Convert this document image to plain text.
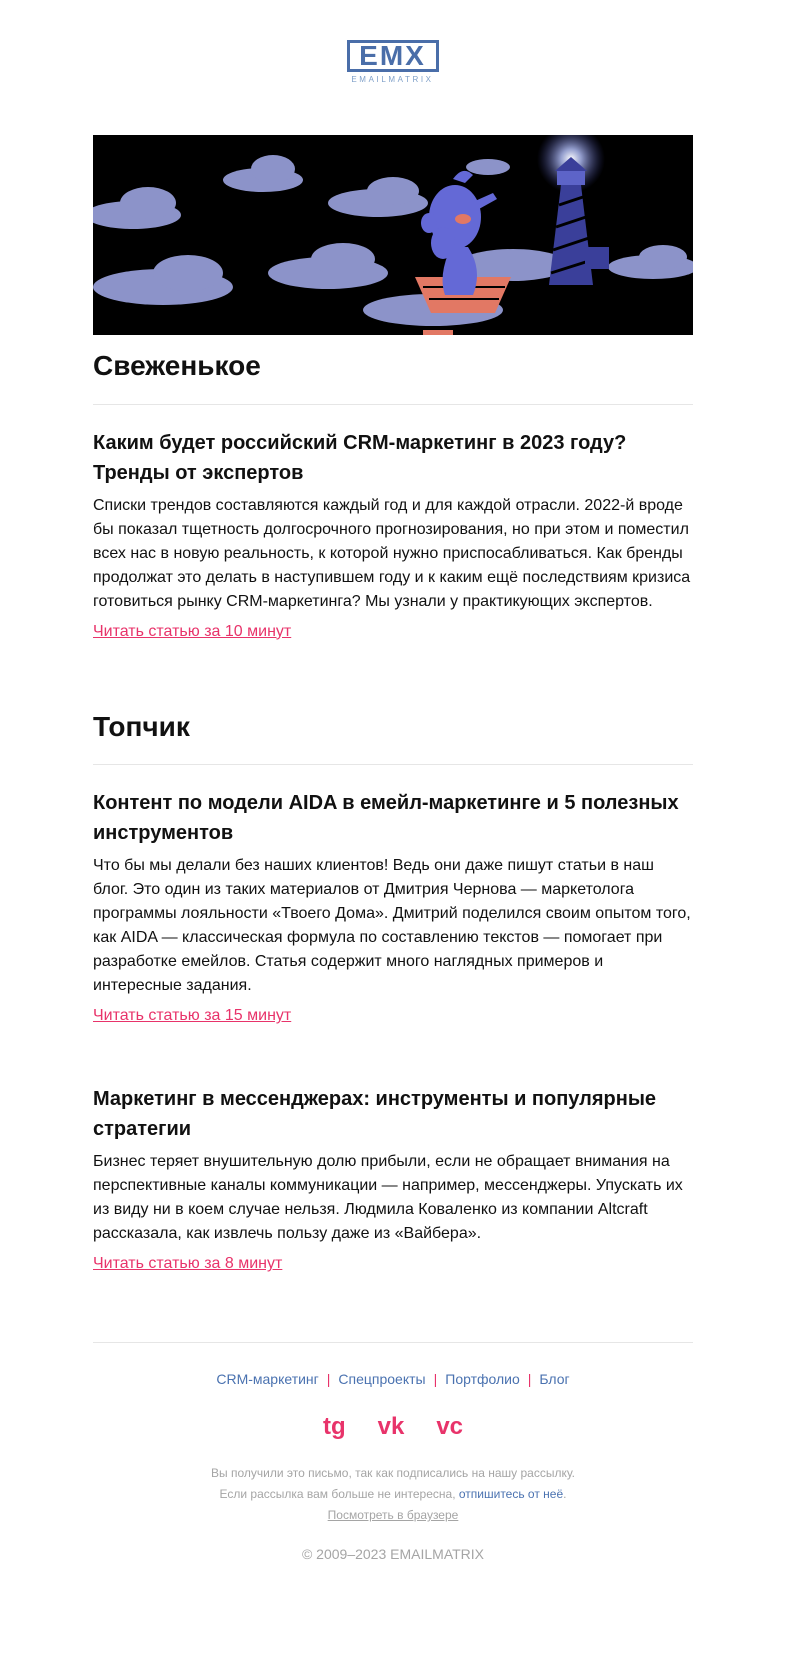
EMX
EMAILMATRIX
Свеженькое
Каким будет российский CRM-маркетинг в 2023 году? Тренды от экспертов

Списки трендов составляются каждый год и для каждой отрасли. 2022-й вроде бы показал тщетность долгосрочного прогнозирования, но при этом и поместил всех нас в новую реальность, к которой нужно приспосабливаться. Как бренды продолжат это делать в наступившем году и к каким ещё последствиям кризиса готовиться рынку CRM-маркетинга? Мы узнали у практикующих экспертов.

Читать статью за 10 минут
Топчик
Контент по модели AIDA в емейл-маркетинге и 5 полезных инструментов

Что бы мы делали без наших клиентов! Ведь они даже пишут статьи в наш блог. Это один из таких материалов от Дмитрия Чернова — маркетолога программы лояльности «Твоего Дома». Дмитрий поделился своим опытом того, как AIDA — классическая формула по составлению текстов — помогает при разработке емейлов. Статья содержит много наглядных примеров и интересные задания.

Читать статью за 15 минут
Маркетинг в мессенджерах: инструменты и популярные стратегии

Бизнес теряет внушительную долю прибыли, если не обращает внимания на перспективные каналы коммуникации — например, мессенджеры. Упускать их из виду ни в коем случае нельзя. Людмила Коваленко из компании Altcraft рассказала, как извлечь пользу даже из «Вайбера».

Читать статью за 8 минут
CRM-маркетинг | Спецпроекты | Портфолио | Блог
tg vk vc
Вы получили это письмо, так как подписались на нашу рассылку.
Если рассылка вам больше не интересна, отпишитесь от неё.
Посмотреть в браузере
© 2009–2023 EMAILMATRIX
